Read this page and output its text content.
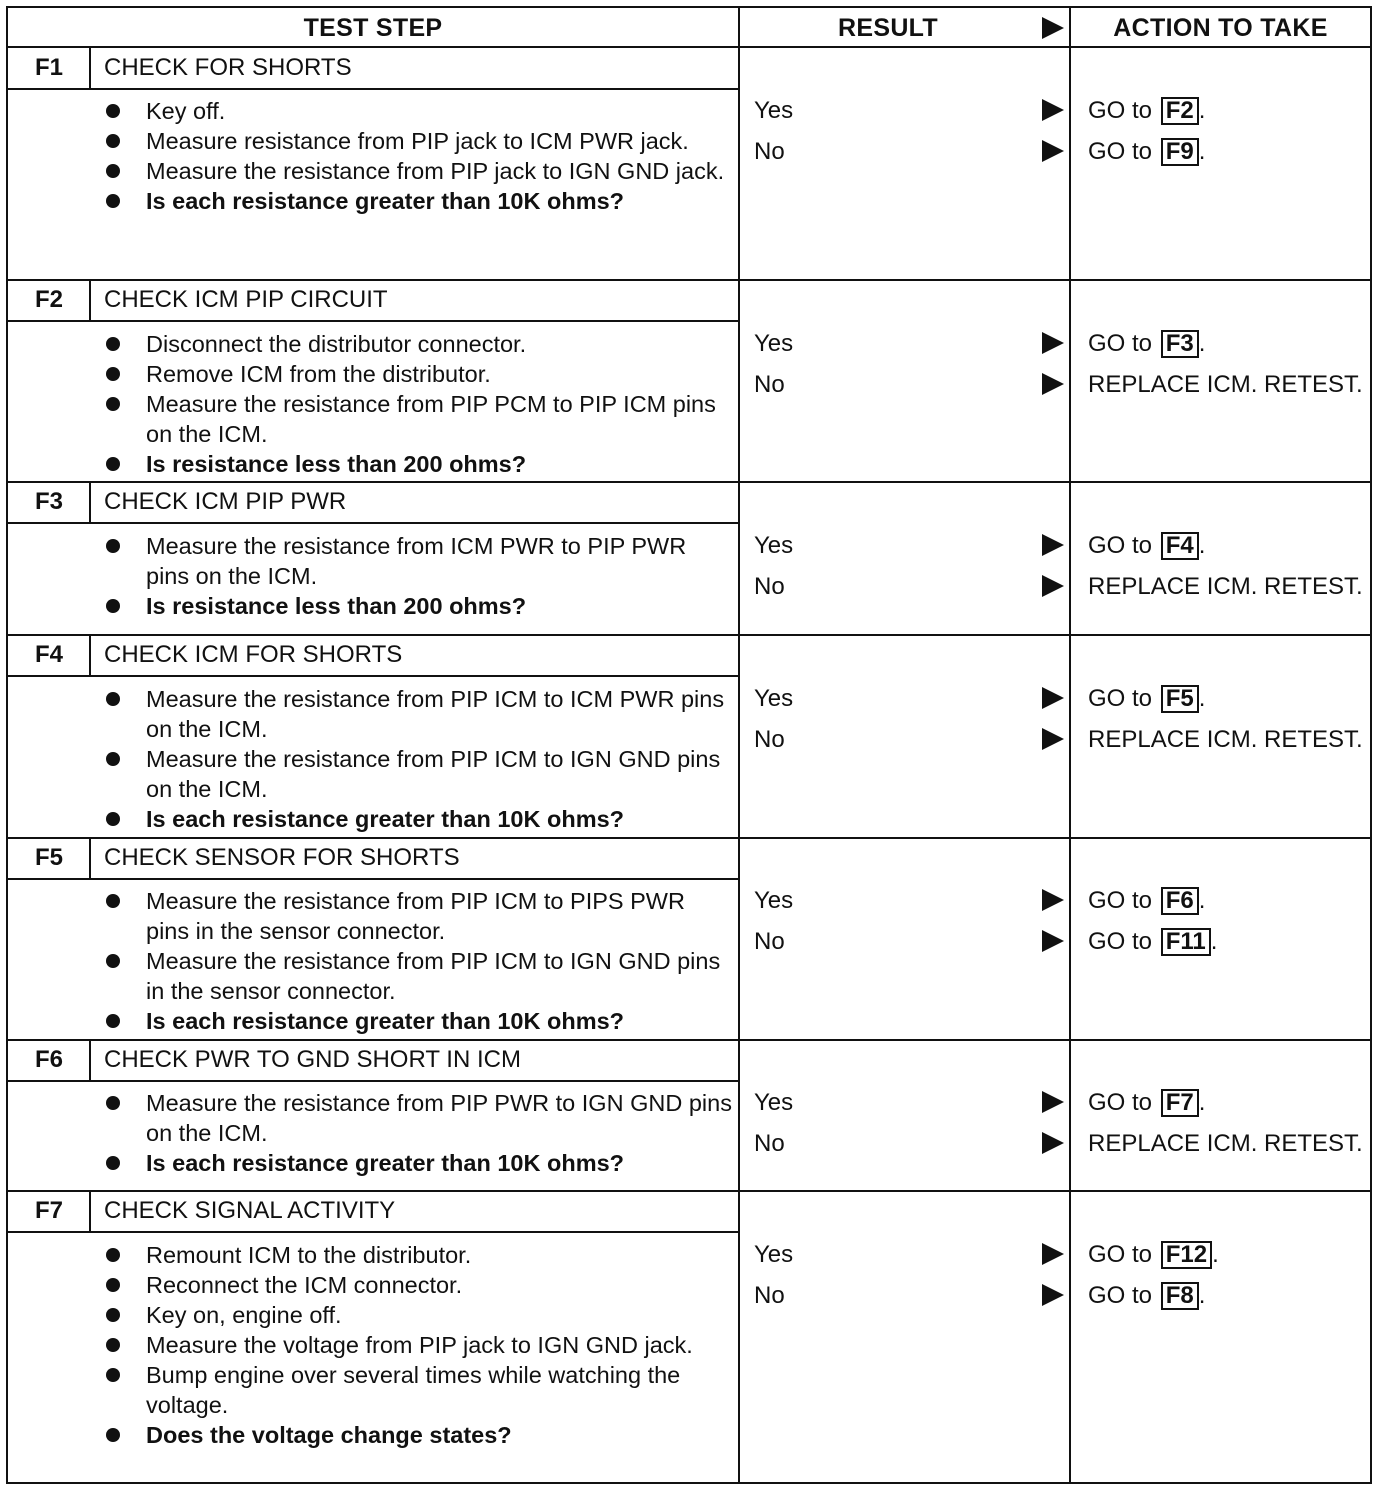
TEST STEP	RESULT	ACTION TO TAKE
F1	CHECK FOR SHORTS
Key off.
Measure resistance from PIP jack to ICM PWR jack.
Measure the resistance from PIP jack to IGN GND jack.
Is each resistance greater than 10K ohms?
Yes	GO to F2 .
No	GO to F9 .
F2	CHECK ICM PIP CIRCUIT
Disconnect the distributor connector.
Remove ICM from the distributor.
Measure the resistance from PIP PCM to PIP ICM pins on the ICM.
Is resistance less than 200 ohms?
Yes	GO to F3 .
No	REPLACE ICM. RETEST.
F3	CHECK ICM PIP PWR
Measure the resistance from ICM PWR to PIP PWR pins on the ICM.
Is resistance less than 200 ohms?
Yes	GO to F4 .
No	REPLACE ICM. RETEST.
F4	CHECK ICM FOR SHORTS
Measure the resistance from PIP ICM to ICM PWR pins on the ICM.
Measure the resistance from PIP ICM to IGN GND pins on the ICM.
Is each resistance greater than 10K ohms?
Yes	GO to F5 .
No	REPLACE ICM. RETEST.
F5	CHECK SENSOR FOR SHORTS
Measure the resistance from PIP ICM to PIPS PWR pins in the sensor connector.
Measure the resistance from PIP ICM to IGN GND pins in the sensor connector.
Is each resistance greater than 10K ohms?
Yes	GO to F6 .
No	GO to F11 .
F6	CHECK PWR TO GND SHORT IN ICM
Measure the resistance from PIP PWR to IGN GND pins on the ICM.
Is each resistance greater than 10K ohms?
Yes	GO to F7 .
No	REPLACE ICM. RETEST.
F7	CHECK SIGNAL ACTIVITY
Remount ICM to the distributor.
Reconnect the ICM connector.
Key on, engine off.
Measure the voltage from PIP jack to IGN GND jack.
Bump engine over several times while watching the voltage.
Does the voltage change states?
Yes	GO to F12 .
No	GO to F8 .
